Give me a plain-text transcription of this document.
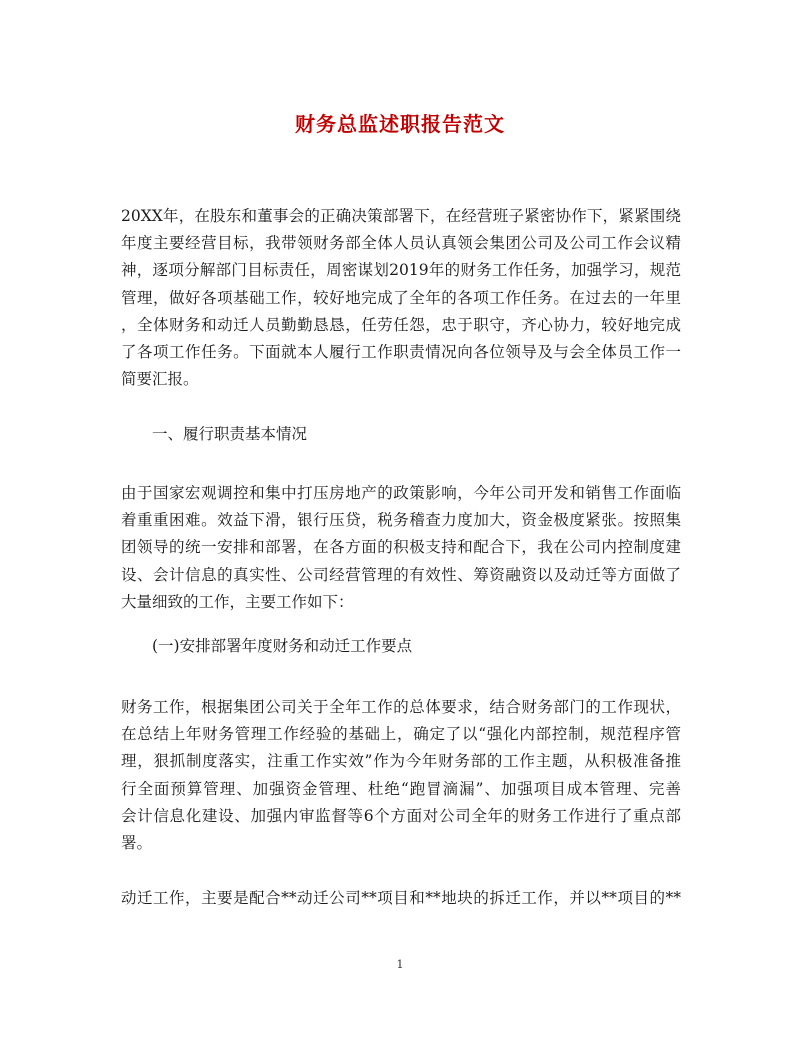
财务总监述职报告范文
20XX年，在股东和董事会的正确决策部署下，在经营班子紧密协作下，紧紧围绕
年度主要经营目标，我带领财务部全体人员认真领会集团公司及公司工作会议精
神，逐项分解部门目标责任，周密谋划2019年的财务工作任务，加强学习，规范
管理，做好各项基础工作，较好地完成了全年的各项工作任务。在过去的一年里
，全体财务和动迁人员勤勤恳恳，任劳任怨，忠于职守，齐心协力，较好地完成
了各项工作任务。下面就本人履行工作职责情况向各位领导及与会全体员工作一
简要汇报。
一、履行职责基本情况
由于国家宏观调控和集中打压房地产的政策影响，今年公司开发和销售工作面临
着重重困难。效益下滑，银行压贷，税务稽查力度加大，资金极度紧张。按照集
团领导的统一安排和部署，在各方面的积极支持和配合下，我在公司内控制度建
设、会计信息的真实性、公司经营管理的有效性、筹资融资以及动迁等方面做了
大量细致的工作，主要工作如下：
(一)安排部署年度财务和动迁工作要点
财务工作，根据集团公司关于全年工作的总体要求，结合财务部门的工作现状，
在总结上年财务管理工作经验的基础上，确定了以“强化内部控制，规范程序管
理，狠抓制度落实，注重工作实效”作为今年财务部的工作主题，从积极准备推
行全面预算管理、加强资金管理、杜绝“跑冒滴漏”、加强项目成本管理、完善
会计信息化建设、加强内审监督等6个方面对公司全年的财务工作进行了重点部
署。
动迁工作，主要是配合**动迁公司**项目和**地块的拆迁工作，并以**项目的**
1
